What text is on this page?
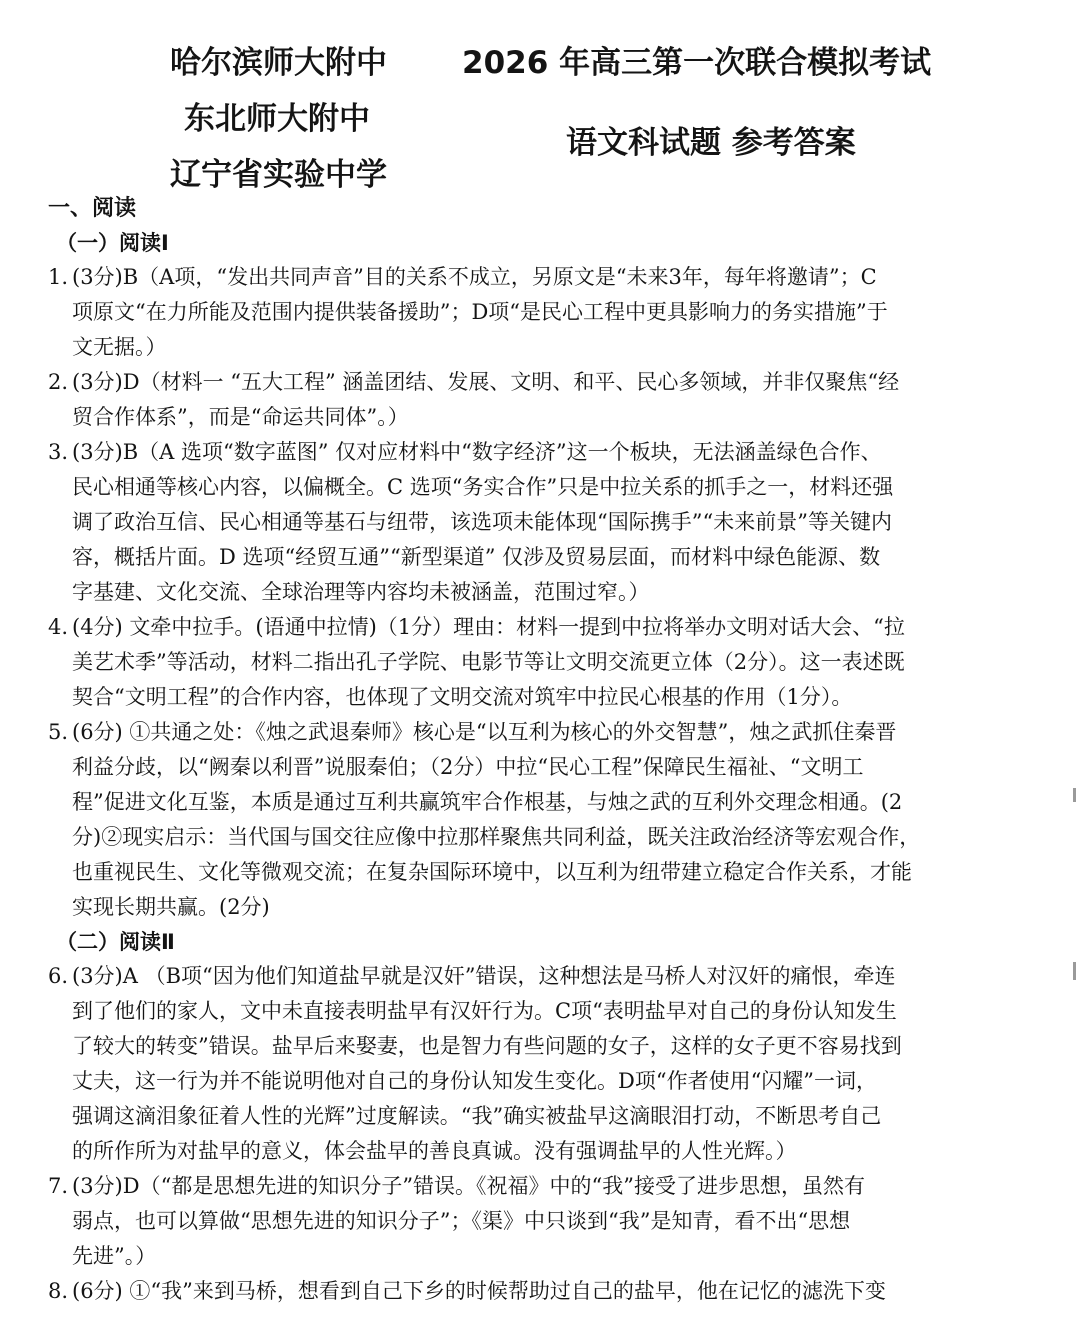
哈尔滨师大附中
东北师大附中
辽宁省实验中学
2026 年高三第一次联合模拟考试
语文科试题 参考答案
一、阅读
（一）阅读Ⅰ
1. (3分)B（A项，“发出共同声音”目的关系不成立，另原文是“未来3年，每年将邀请”；C
项原文“在力所能及范围内提供装备援助”；D项“是民心工程中更具影响力的务实措施”于
文无据。）
2. (3分)D（材料一 “五大工程” 涵盖团结、发展、文明、和平、民心多领域，并非仅聚焦“经
贸合作体系”，而是“命运共同体”。）
3. (3分)B（A 选项“数字蓝图” 仅对应材料中“数字经济”这一个板块，无法涵盖绿色合作、
民心相通等核心内容，以偏概全。C 选项“务实合作”只是中拉关系的抓手之一，材料还强
调了政治互信、民心相通等基石与纽带，该选项未能体现“国际携手”“未来前景”等关键内
容，概括片面。D 选项“经贸互通”“新型渠道” 仅涉及贸易层面，而材料中绿色能源、数
字基建、文化交流、全球治理等内容均未被涵盖，范围过窄。）
4. (4分) 文牵中拉手。(语通中拉情)（1分）理由：材料一提到中拉将举办文明对话大会、“拉
美艺术季”等活动，材料二指出孔子学院、电影节等让文明交流更立体（2分）。这一表述既
契合“文明工程”的合作内容，也体现了文明交流对筑牢中拉民心根基的作用（1分）。
5. (6分) ①共通之处：《烛之武退秦师》核心是“以互利为核心的外交智慧”，烛之武抓住秦晋
利益分歧，以“阙秦以利晋”说服秦伯；（2分）中拉“民心工程”保障民生福祉、“文明工
程”促进文化互鉴，本质是通过互利共赢筑牢合作根基，与烛之武的互利外交理念相通。(2
分)②现实启示：当代国与国交往应像中拉那样聚焦共同利益，既关注政治经济等宏观合作，
也重视民生、文化等微观交流；在复杂国际环境中，以互利为纽带建立稳定合作关系，才能
实现长期共赢。(2分)
（二）阅读Ⅱ
6. (3分)A （B项“因为他们知道盐早就是汉奸”错误，这种想法是马桥人对汉奸的痛恨，牵连
到了他们的家人，文中未直接表明盐早有汉奸行为。C项“表明盐早对自己的身份认知发生
了较大的转变”错误。盐早后来娶妻，也是智力有些问题的女子，这样的女子更不容易找到
丈夫，这一行为并不能说明他对自己的身份认知发生变化。D项“作者使用“闪耀”一词，
强调这滴泪象征着人性的光辉”过度解读。“我”确实被盐早这滴眼泪打动，不断思考自己
的所作所为对盐早的意义，体会盐早的善良真诚。没有强调盐早的人性光辉。）
7. (3分)D（“都是思想先进的知识分子”错误。《祝福》中的“我”接受了进步思想，虽然有
弱点，也可以算做“思想先进的知识分子”；《渠》中只谈到“我”是知青，看不出“思想
先进”。）
8. (6分) ①“我”来到马桥，想看到自己下乡的时候帮助过自己的盐早，他在记忆的滤洗下变
